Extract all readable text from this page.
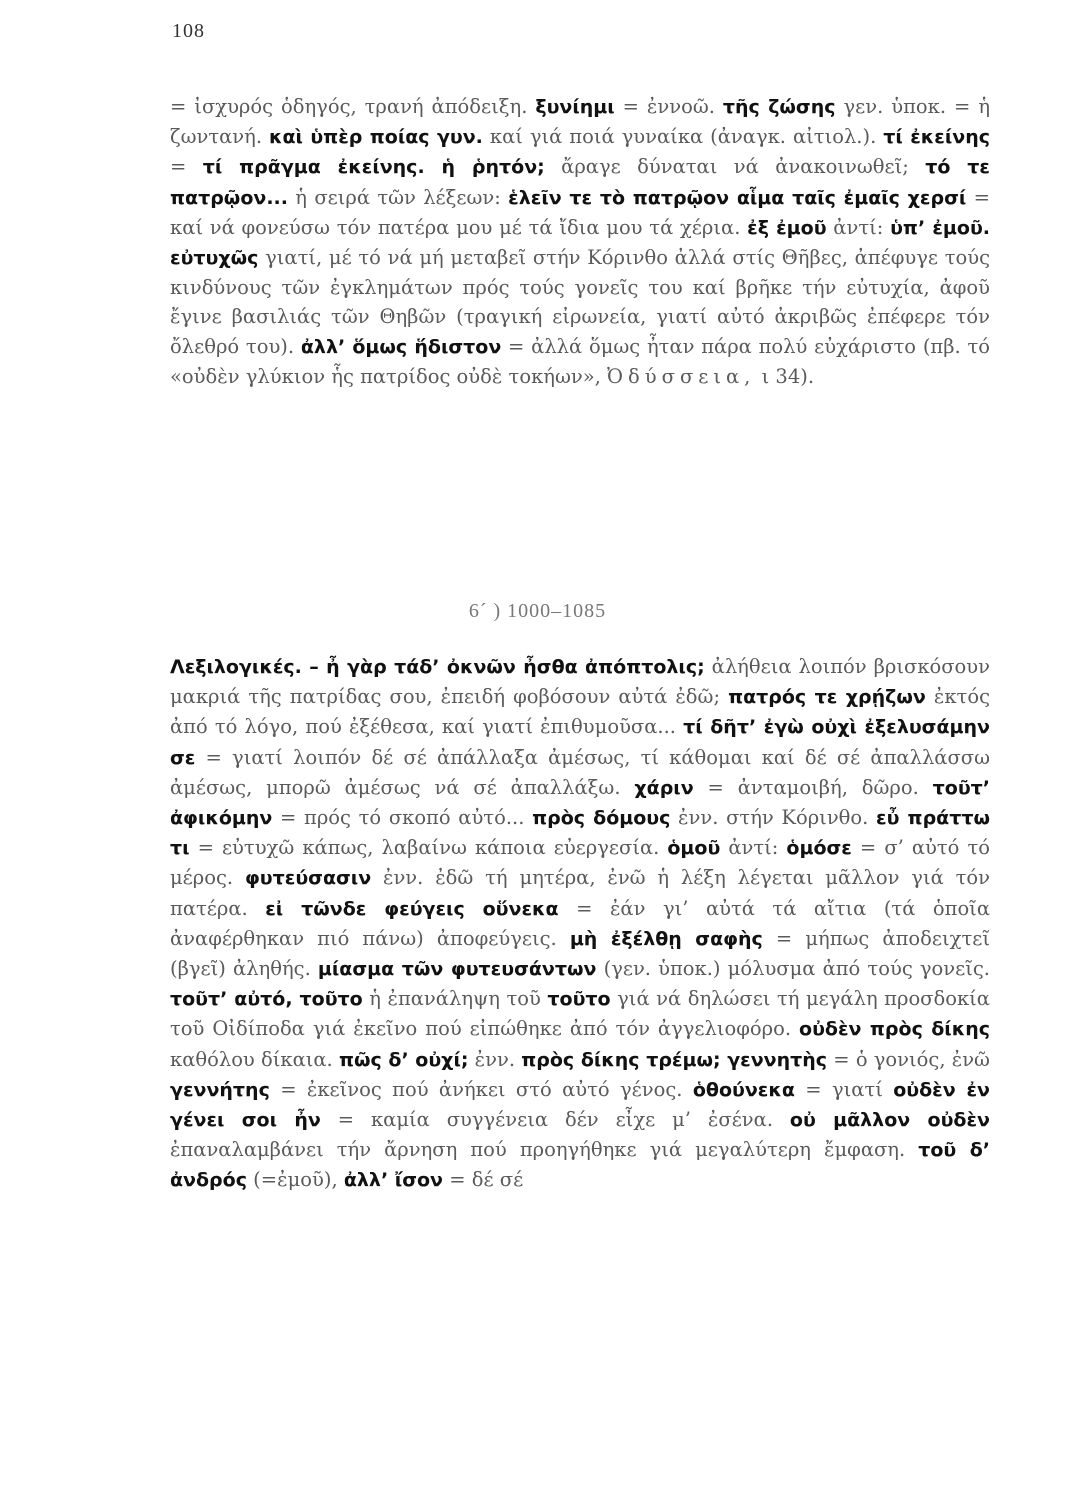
108
= ἰσχυρός ὁδηγός, τρανή ἀπόδειξη. ξυνίημι = ἐννοῶ. τῆς ζώσης γεν. ὑποκ. = ἡ ζωντανή. καὶ ὑπὲρ ποίας γυν. καί γιά ποιά γυναίκα (ἀναγκ. αἰτιολ.). τί ἐκείνης = τί πρᾶγμα ἐκείνης. ἡ ῥητόν; ἄραγε δύναται νά ἀνακοινωθεῖ; τό τε πατρῷον... ἡ σειρά τῶν λέξεων: ἑλεῖν τε τὸ πατρῷον αἷμα ταῖς ἐμαῖς χερσί = καί νά φονεύσω τόν πατέρα μου μέ τά ἴδια μου τά χέρια. ἐξ ἐμοῦ ἀντί: ὑπ’ ἐμοῦ. εὐτυχῶς γιατί, μέ τό νά μή μεταβεῖ στήν Κόρινθο ἀλλά στίς Θῆβες, ἀπέφυγε τούς κινδύνους τῶν ἐγκλημάτων πρός τούς γονεῖς του καί βρῆκε τήν εὐτυχία, ἀφοῦ ἔγινε βασιλιάς τῶν Θηβῶν (τραγική εἰρωνεία, γιατί αὐτό ἀκριβῶς ἐπέφερε τόν ὄλεθρό του). ἀλλ’ ὅμως ἥδιστον = ἀλλά ὅμως ἦταν πάρα πολύ εὐχάριστο (πβ. τό «οὐδὲν γλύκιον ἧς πατρίδος οὐδὲ τοκήων», Ὀδύσσεια, ι 34).
6´ ) 1000–1085
Λεξιλογικές. – ἦ γὰρ τάδ’ ὀκνῶν ἦσθα ἀπόπτολις; ἀλήθεια λοιπόν βρισκόσουν μακριά τῆς πατρίδας σου, ἐπειδή φοβόσουν αὐτά ἐδῶ; πατρός τε χρῄζων ἐκτός ἀπό τό λόγο, πού ἐξέθεσα, καί γιατί ἐπιθυμοῦσα... τί δῆτ’ ἐγὼ οὐχὶ ἐξελυσάμην σε = γιατί λοιπόν δέ σέ ἀπάλλαξα ἀμέσως, τί κάθομαι καί δέ σέ ἀπαλλάσσω ἀμέσως, μπορῶ ἀμέσως νά σέ ἀπαλλάξω. χάριν = ἀνταμοιβή, δῶρο. τοῦτ’ ἀφικόμην = πρός τό σκοπό αὐτό... πρὸς δόμους ἐνν. στήν Κόρινθο. εὖ πράττω τι = εὐτυχῶ κάπως, λαβαίνω κάποια εὐεργεσία. ὁμοῦ ἀντί: ὁμόσε = σ’ αὐτό τό μέρος. φυτεύσασιν ἐνν. ἐδῶ τή μητέρα, ἐνῶ ἡ λέξη λέγεται μᾶλλον γιά τόν πατέρα. εἰ τῶνδε φεύγεις οὕνεκα = ἐάν γι’ αὐτά τά αἴτια (τά ὁποῖα ἀναφέρθηκαν πιό πάνω) ἀποφεύγεις. μὴ ἐξέλθῃ σαφὴς = μήπως ἀποδειχτεῖ (βγεῖ) ἀληθής. μίασμα τῶν φυτευσάντων (γεν. ὑποκ.) μόλυσμα ἀπό τούς γονεῖς. τοῦτ’ αὐτό, τοῦτο ἡ ἐπανάληψη τοῦ τοῦτο γιά νά δηλώσει τή μεγάλη προσδοκία τοῦ Οἰδίποδα γιά ἐκεῖνο πού εἰπώθηκε ἀπό τόν ἀγγελιοφόρο. οὐδὲν πρὸς δίκης καθόλου δίκαια. πῶς δ’ οὐχί; ἐνν. πρὸς δίκης τρέμω; γεννητὴς = ὁ γονιός, ἐνῶ γεννήτης = ἐκεῖνος πού ἀνήκει στό αὐτό γένος. ὁθούνεκα = γιατί οὐδὲν ἐν γένει σοι ἦν = καμία συγγένεια δέν εἶχε μ’ ἐσένα. οὐ μᾶλλον οὐδὲν ἐπαναλαμβάνει τήν ἄρνηση πού προηγήθηκε γιά μεγαλύτερη ἔμφαση. τοῦ δ’ ἀνδρός (=ἐμοῦ), ἀλλ’ ἴσον = δέ σέ
